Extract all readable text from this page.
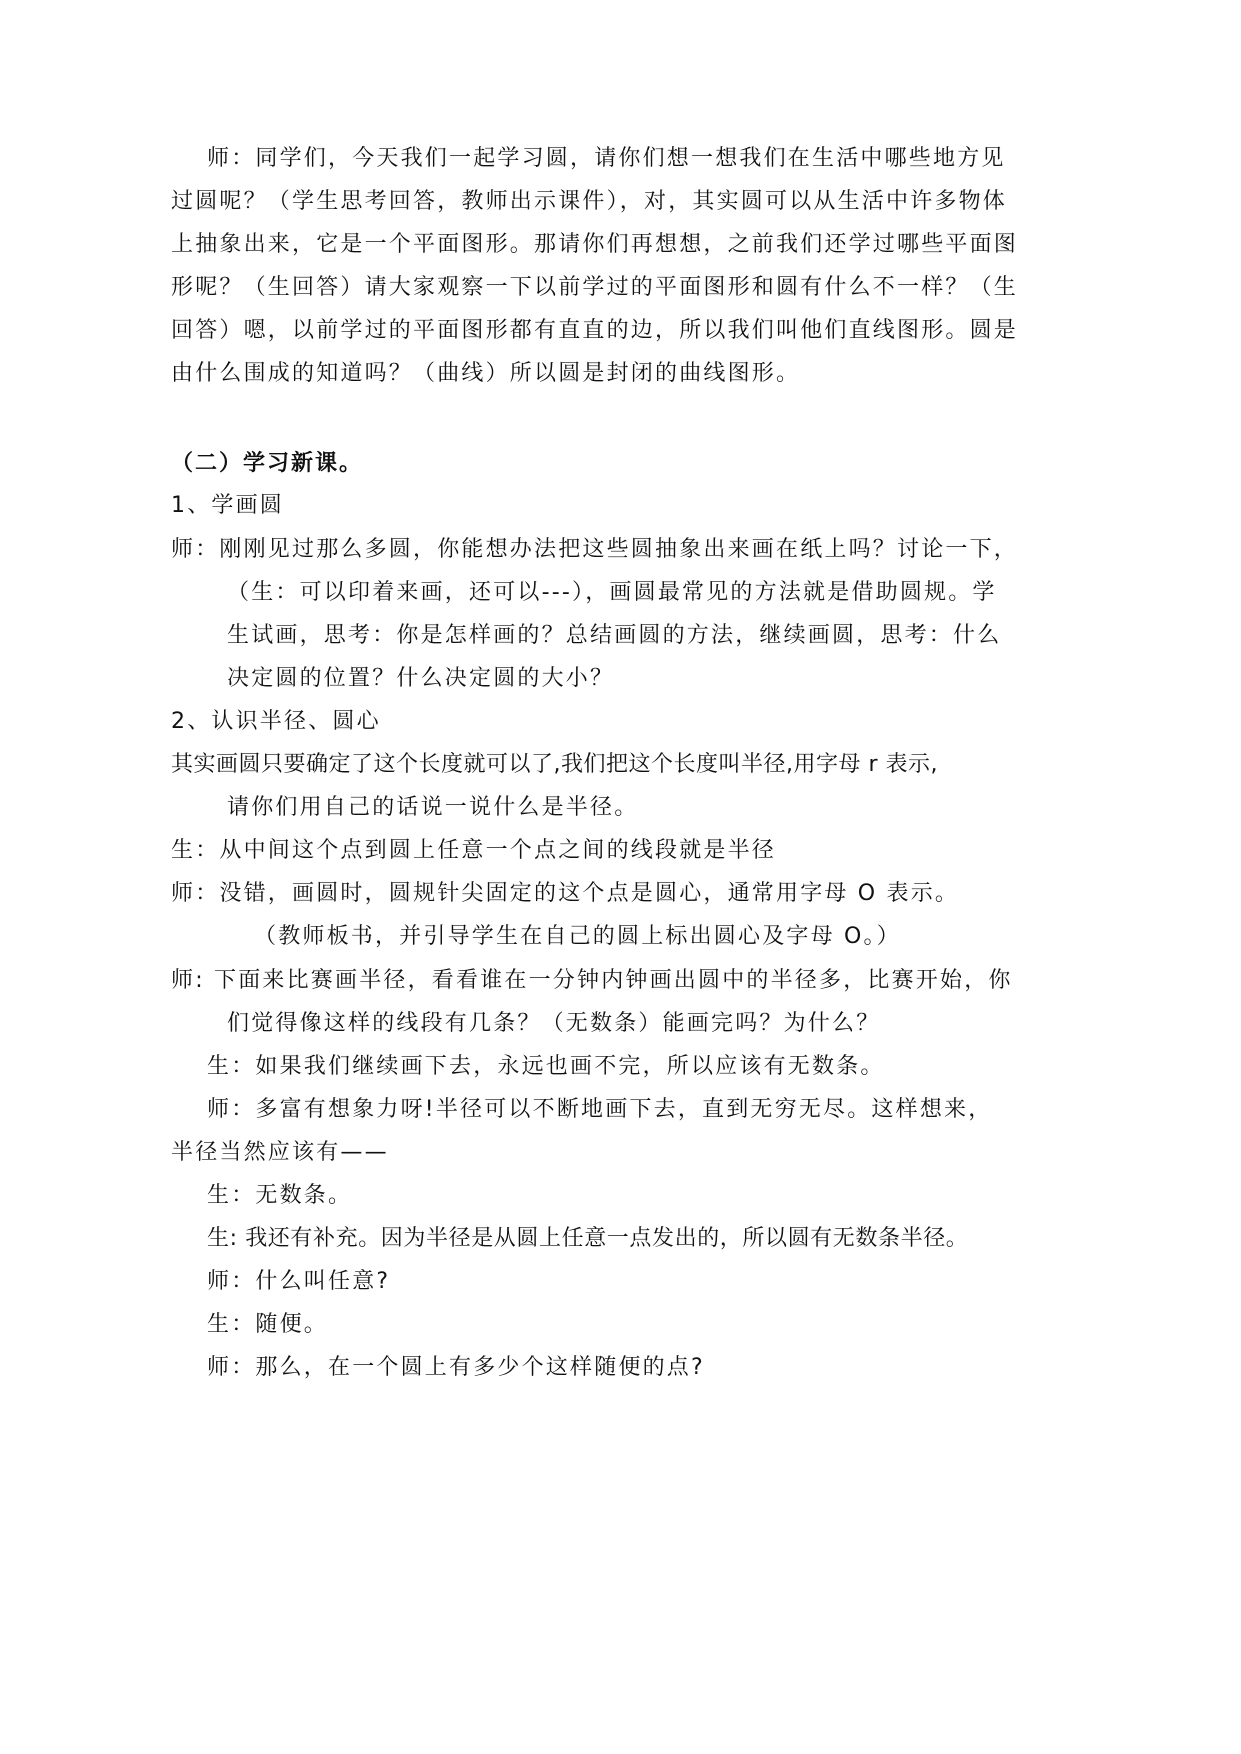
师：同学们，今天我们一起学习圆，请你们想一想我们在生活中哪些地方见
过圆呢？（学生思考回答，教师出示课件），对，其实圆可以从生活中许多物体
上抽象出来，它是一个平面图形。那请你们再想想，之前我们还学过哪些平面图
形呢？（生回答）请大家观察一下以前学过的平面图形和圆有什么不一样？（生
回答）嗯，以前学过的平面图形都有直直的边，所以我们叫他们直线图形。圆是
由什么围成的知道吗？（曲线）所以圆是封闭的曲线图形。
（二）学习新课。
1、学画圆
师：刚刚见过那么多圆，你能想办法把这些圆抽象出来画在纸上吗？讨论一下，
（生：可以印着来画，还可以---），画圆最常见的方法就是借助圆规。学
生试画，思考：你是怎样画的？总结画圆的方法，继续画圆，思考：什么
决定圆的位置？什么决定圆的大小？
2、认识半径、圆心
其实画圆只要确定了这个长度就可以了,我们把这个长度叫半径,用字母 r 表示,
请你们用自己的话说一说什么是半径。
生：从中间这个点到圆上任意一个点之间的线段就是半径
师：没错，画圆时，圆规针尖固定的这个点是圆心，通常用字母 O 表示。
（教师板书，并引导学生在自己的圆上标出圆心及字母 O。）
师: 下面来比赛画半径，看看谁在一分钟内钟画出圆中的半径多，比赛开始，你
们觉得像这样的线段有几条？（无数条）能画完吗？为什么？
生：如果我们继续画下去，永远也画不完，所以应该有无数条。
师：多富有想象力呀!半径可以不断地画下去，直到无穷无尽。这样想来，
半径当然应该有——
生：无数条。
生: 我还有补充。因为半径是从圆上任意一点发出的，所以圆有无数条半径。
师：什么叫任意?
生：随便。
师：那么，在一个圆上有多少个这样随便的点?
